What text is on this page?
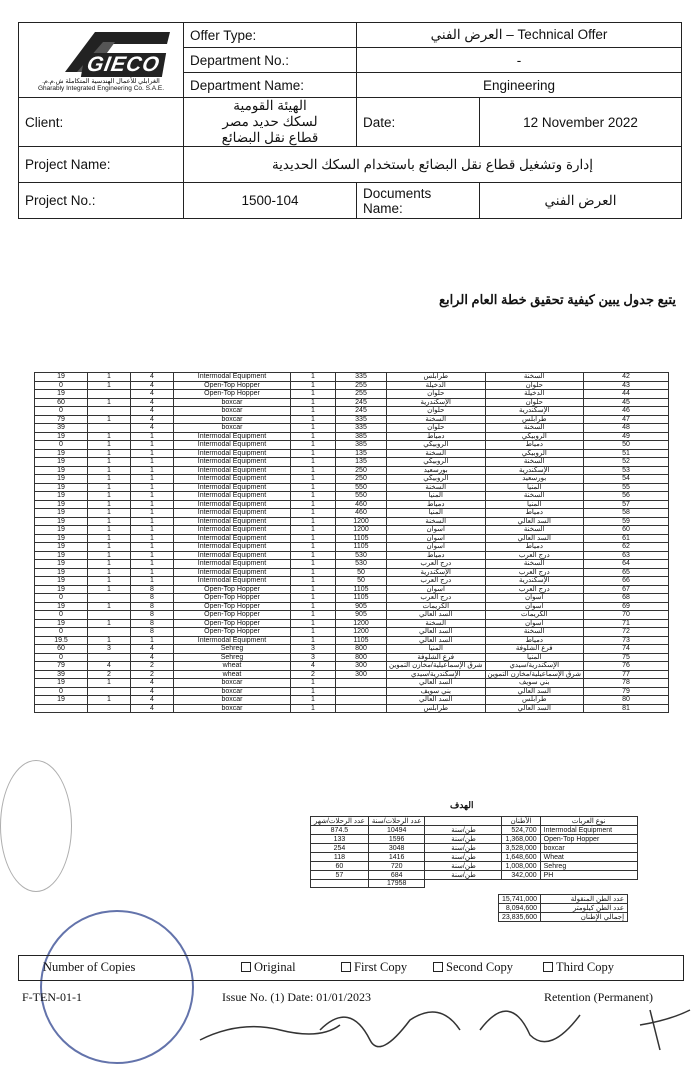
GIECO
الغرابلي للأعمال الهندسية المتكاملة ش.م.م.
Gharably Integrated Engineering Co. S.A.E.	Offer Type:	العرض الفني – Technical Offer	
	Department No.:	-	
	Department Name:	Engineering	
Client:	الهيئة القومية لسكك حديد مصر قطاع نقل البضائع	Date:	12 November 2022
Project Name:	إدارة وتشغيل قطاع نقل البضائع باستخدام السكك الحديدية		
Project No.:	1500-104	Documents Name:	العرض الفني
يتبع جدول يبين كيفية تحقيق خطة العام الرابع
19	1	4	Intermodal Equipment	1	335	طرابلس	السخنة	42
0	1	4	Open-Top Hopper	1	255	الدخيلة	حلوان	43
19		4	Open-Top Hopper	1	255	حلوان	الدخيلة	44
60	1	4	boxcar	1	245	الإسكندرية	حلوان	45
0		4	boxcar	1	245	حلوان	الإسكندرية	46
79	1	4	boxcar	1	335	السخنة	طرابلس	47
39		4	boxcar	1	335	حلوان	السخنة	48
19	1	1	Intermodal Equipment	1	385	دمياط	الروبيكي	49
0	1	1	Intermodal Equipment	1	385	الروبيكي	دمياط	50
19	1	1	Intermodal Equipment	1	135	السخنة	الروبيكي	51
19	1	1	Intermodal Equipment	1	135	الروبيكي	السخنة	52
19	1	1	Intermodal Equipment	1	250	بورسعيد	الإسكندرية	53
19	1	1	Intermodal Equipment	1	250	الروبيكي	بورسعيد	54
19	1	1	Intermodal Equipment	1	550	السخنة	المنيا	55
19	1	1	Intermodal Equipment	1	550	المنيا	السخنة	56
19	1	1	Intermodal Equipment	1	460	دمياط	المنيا	57
19	1	1	Intermodal Equipment	1	460	المنيا	دمياط	58
19	1	1	Intermodal Equipment	1	1200	السخنة	السد العالي	59
19	1	1	Intermodal Equipment	1	1200	أسوان	السخنة	60
19	1	1	Intermodal Equipment	1	1105	أسوان	السد العالي	61
19	1	1	Intermodal Equipment	1	1105	أسوان	دمياط	62
19	1	1	Intermodal Equipment	1	530	دمياط	درج العرب	63
19	1	1	Intermodal Equipment	1	530	درج العرب	السخنة	64
19	1	1	Intermodal Equipment	1	50	الإسكندرية	درج العرب	65
19	1	1	Intermodal Equipment	1	50	درج العرب	الإسكندرية	66
19	1	8	Open-Top Hopper	1	1105	أسوان	درج العرب	67
0		8	Open-Top Hopper	1	1105	درج العرب	أسوان	68
19	1	8	Open-Top Hopper	1	905	الكريمات	أسوان	69
0		8	Open-Top Hopper	1	905	السد العالي	الكريمات	70
19	1	8	Open-Top Hopper	1	1200	السخنة	أسوان	71
0		8	Open-Top Hopper	1	1200	السد العالي	السخنة	72
19.5	1	1	Intermodal Equipment	1	1105	السد العالي	دمياط	73
60	3	4	Sehreg	3	800	المنيا	فرع الشلوفة	74
0		4	Sehreg	3	800	فرع الشلوفة	المنيا	75
79	4	2	wheat	4	300	شرق الإسماعيلية/مخازن التموين	الإسكندرية/سيدي	76
39	2	2	wheat	2	300	الإسكندرية/سيدي	شرق الإسماعيلية/مخازن التموين	77
19	1	4	boxcar	1		السد العالي	بني سويف	78
0		4	boxcar	1		بني سويف	السد العالي	79
19	1	4	boxcar	1		السد العالي	طرابلس	80
		4	boxcar	1		طرابلس	السد العالي	81
الهدف
عدد الرحلات/شهر	عدد الرحلات/سنة		الأطنان	نوع العربات
874.5	10494	طن/سنة	524,700	Intermodal Equipment
133	1596	طن/سنة	1,368,000	Open-Top Hopper
254	3048	طن/سنة	3,528,000	boxcar
118	1416	طن/سنة	1,648,600	Wheat
60	720	طن/سنة	1,008,000	Sehreg
57	684	طن/سنة	342,000	PH
	17958			
15,741,000	عدد الطن المنقولة
8,094,600	عدد الطن كيلومتر
23,835,600	إجمالي الإطنان
Number of Copies	Original	First Copy	Second Copy	Third Copy
F-TEN-01-1	Issue No. (1) Date: 01/01/2023	Retention (Permanent)
